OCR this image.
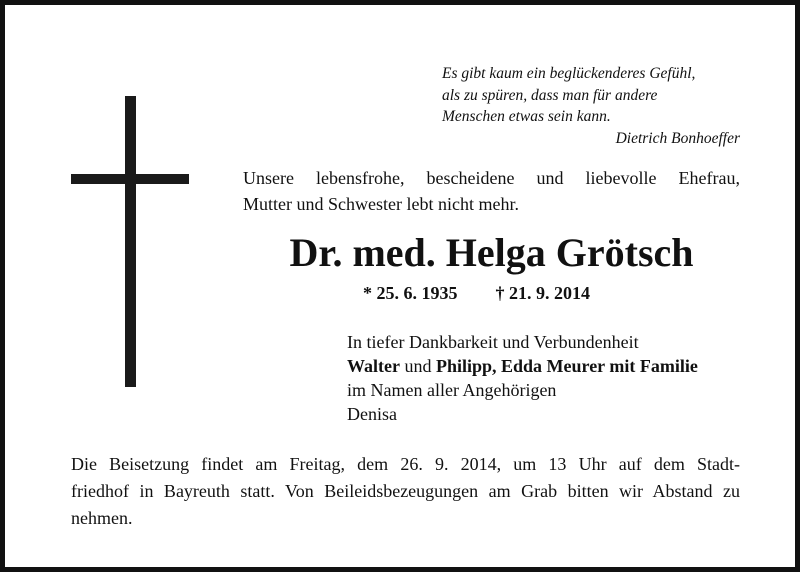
Es gibt kaum ein beglückenderes Gefühl,
als zu spüren, dass man für andere
Menschen etwas sein kann.
Dietrich Bonhoeffer
Unsere lebensfrohe, bescheidene und liebevolle Ehefrau,
Mutter und Schwester lebt nicht mehr.
Dr. med. Helga Grötsch
* 25. 6. 1935 † 21. 9. 2014
In tiefer Dankbarkeit und Verbundenheit
Walter und Philipp, Edda Meurer mit Familie
im Namen aller Angehörigen
Denisa
Die Beisetzung findet am Freitag, dem 26. 9. 2014, um 13 Uhr auf dem Stadt-
friedhof in Bayreuth statt. Von Beileidsbezeugungen am Grab bitten wir Abstand zu
nehmen.
